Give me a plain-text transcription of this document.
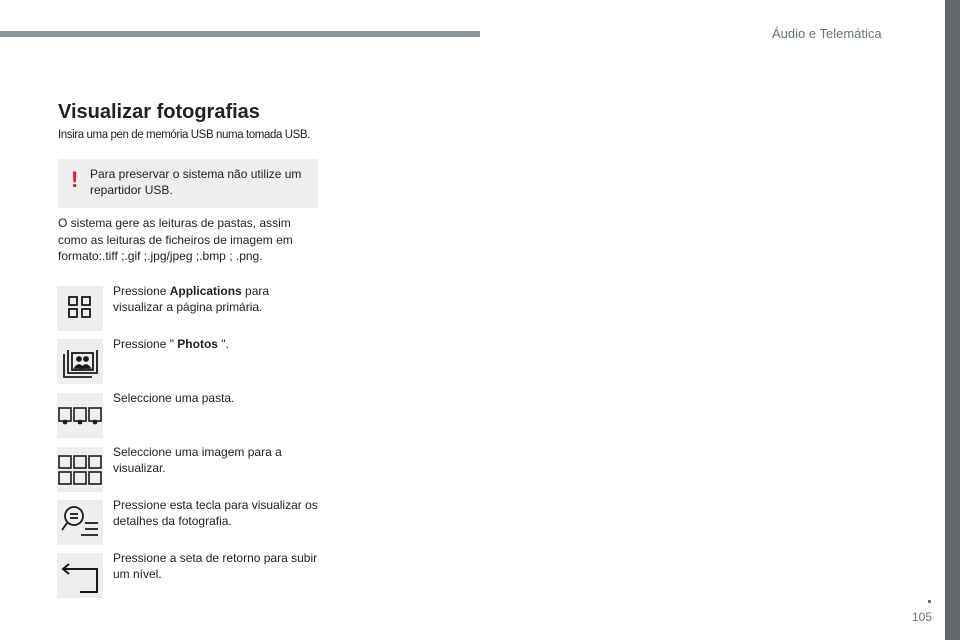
Áudio e Telemática
Visualizar fotografias
Insira uma pen de memória USB numa tomada USB.
! Para preservar o sistema não utilize um repartidor USB.
O sistema gere as leituras de pastas, assim como as leituras de ficheiros de imagem em formato:.tiff ;.gif ;.jpg/jpeg ;.bmp ; .png.
Pressione Applications para visualizar a página primária.
Pressione " Photos ".
Seleccione uma pasta.
Seleccione uma imagem para a visualizar.
Pressione esta tecla para visualizar os detalhes da fotografia.
Pressione a seta de retorno para subir um nível.
105
